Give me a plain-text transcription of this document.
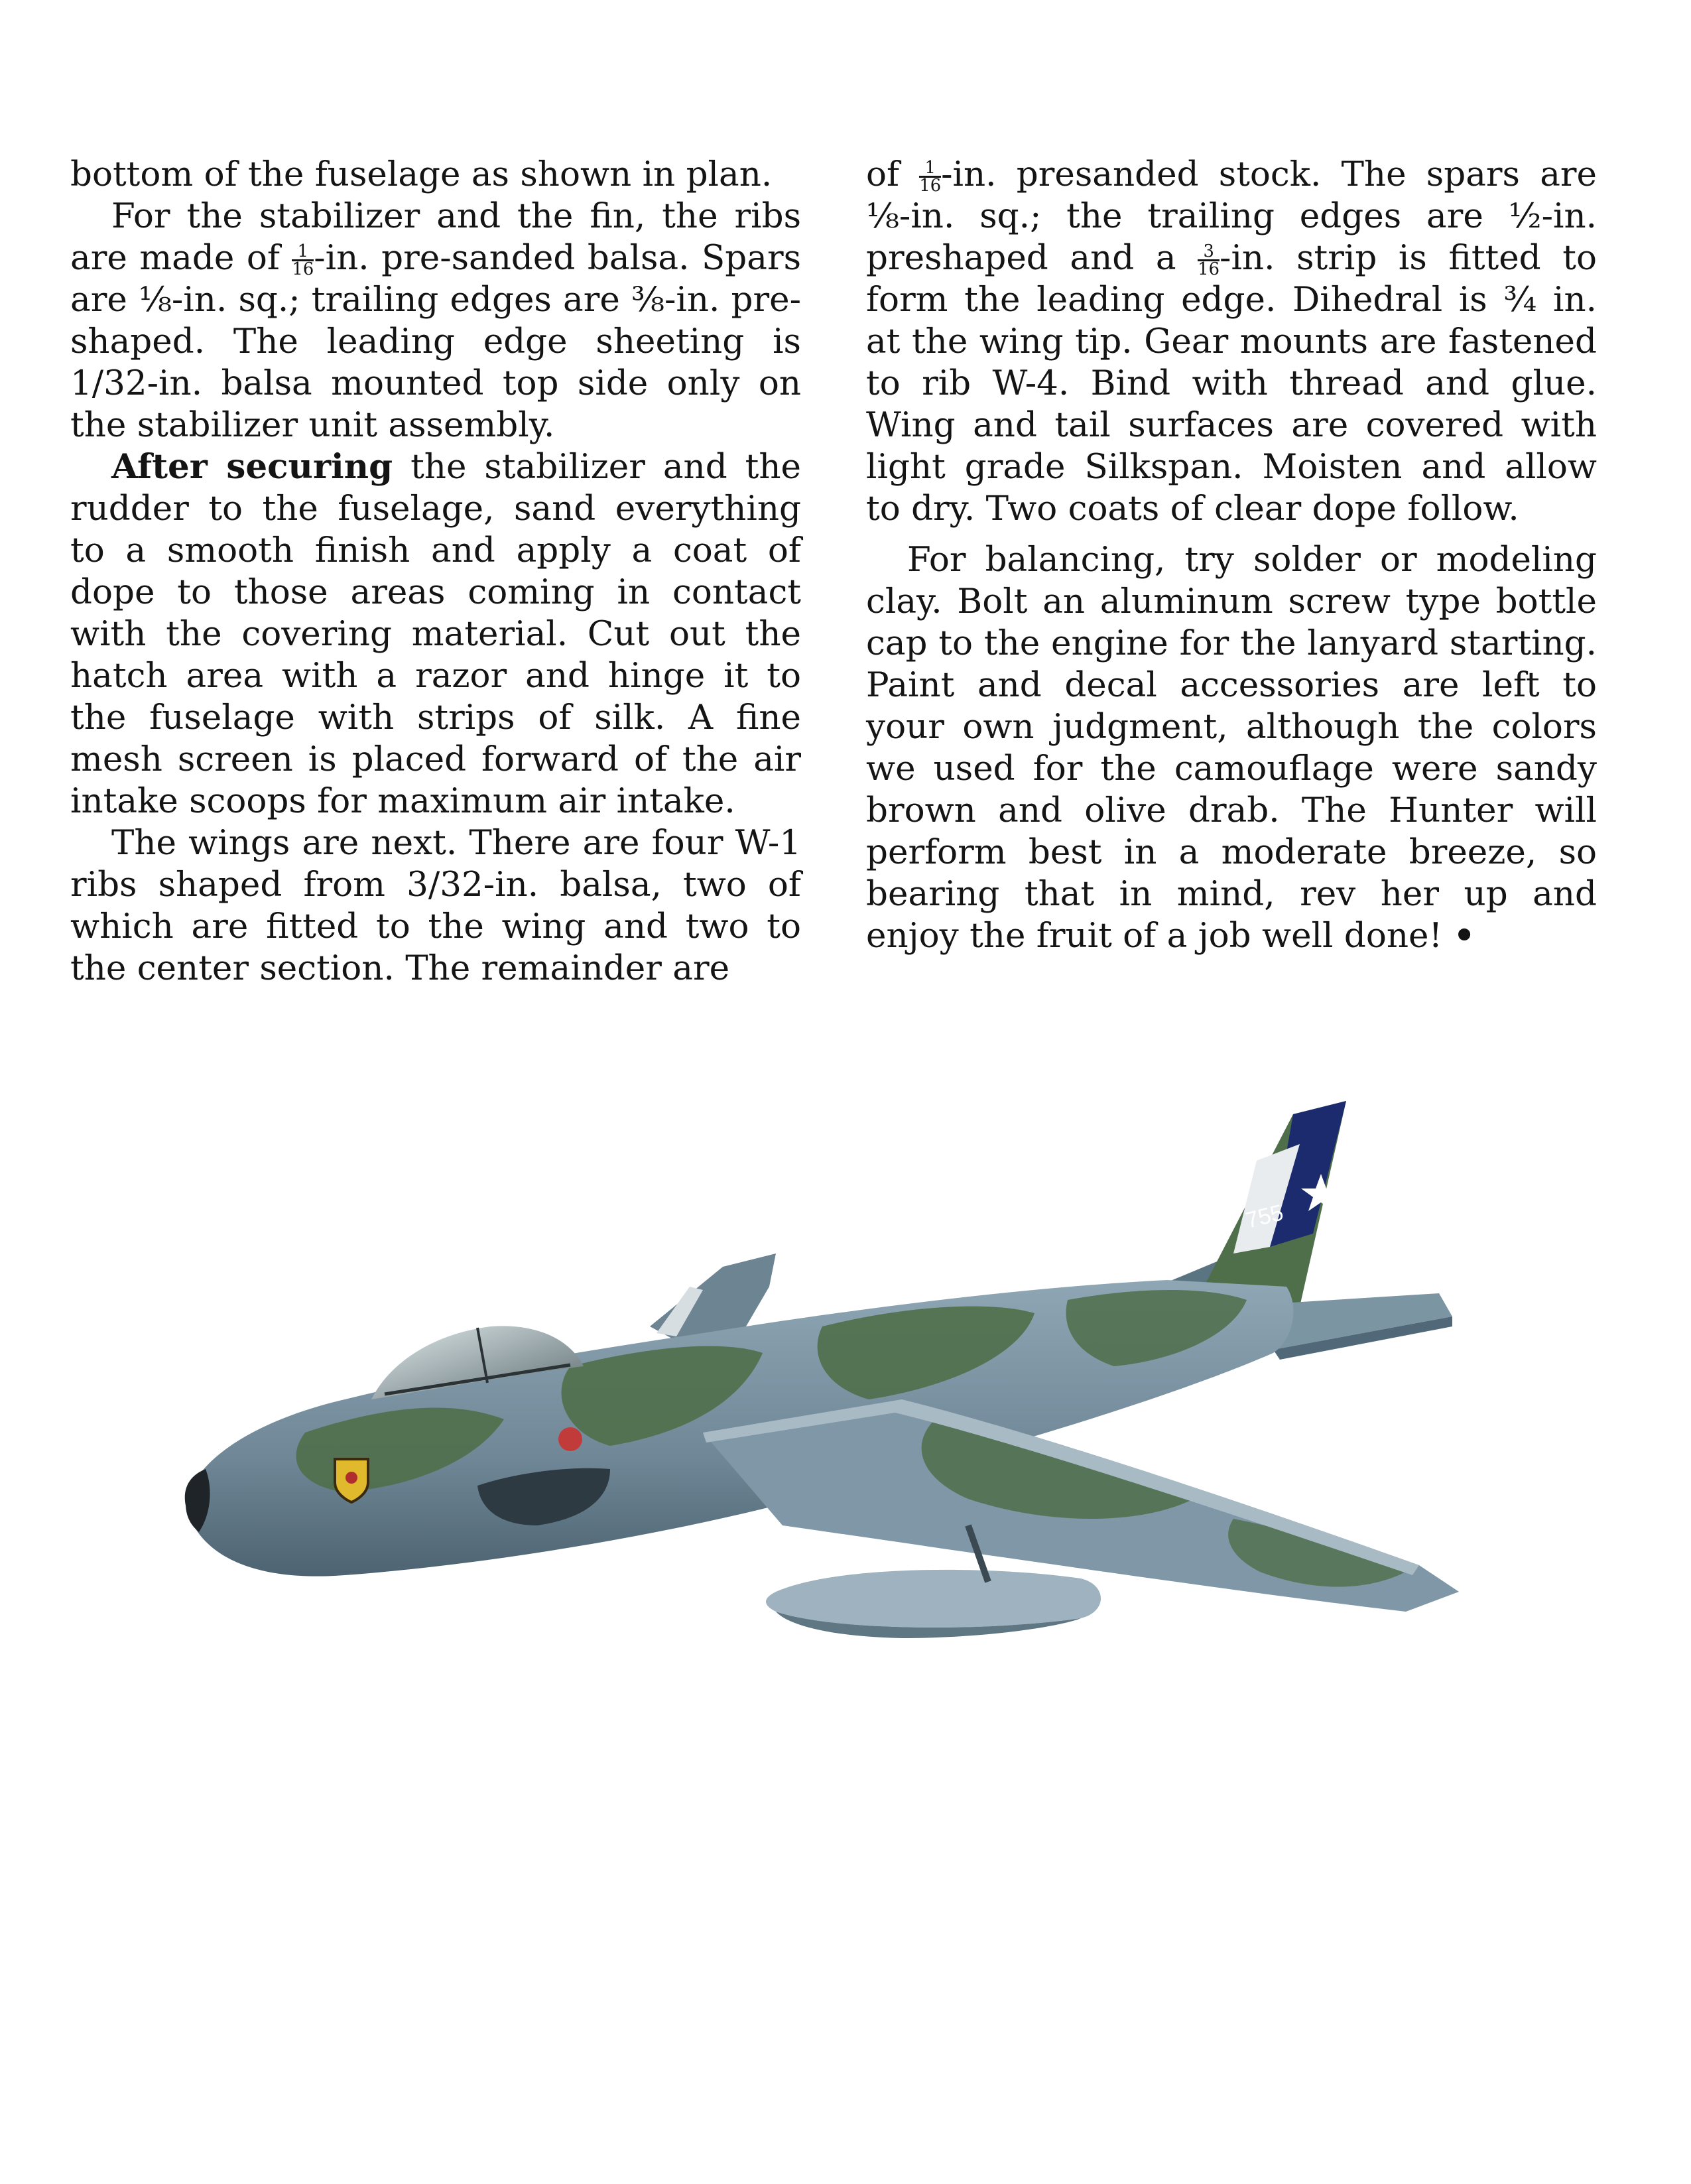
bottom of the fuselage as shown in plan.

For the stabilizer and the fin, the ribs are made of $\frac{1}{16} -in$. pre-sanded balsa. Spars are ⅛-in. sq.; trailing edges are ⅜-in. pre-shaped. The leading edge sheeting is 1/32-in. balsa mounted top side only on the stabilizer unit assembly.

After securing the stabilizer and the rudder to the fuselage, sand everything to a smooth finish and apply a coat of dope to those areas coming in contact with the covering material. Cut out the hatch area with a razor and hinge it to the fuselage with strips of silk. A fine mesh screen is placed forward of the air intake scoops for maximum air intake.

The wings are next. There are four W-1 ribs shaped from 3/32-in. balsa, two of which are fitted to the wing and two to the center section. The remainder are

of $\frac{1}{16} -in$. presanded stock. The spars are ⅛-in. sq.; the trailing edges are ½-in. preshaped and a $\frac{3}{16} -in$. strip is fitted to form the leading edge. Dihedral is ¾ in. at the wing tip. Gear mounts are fastened to rib W-4. Bind with thread and glue. Wing and tail surfaces are covered with light grade Silkspan. Moisten and allow to dry. Two coats of clear dope follow.

For balancing, try solder or modeling clay. Bolt an aluminum screw type bottle cap to the engine for the lanyard starting. Paint and decal accessories are left to your own judgment, although the colors we used for the camouflage were sandy brown and olive drab. The Hunter will perform best in a moderate breeze, so bearing that in mind, rev her up and enjoy the fruit of a job well done! •

755
